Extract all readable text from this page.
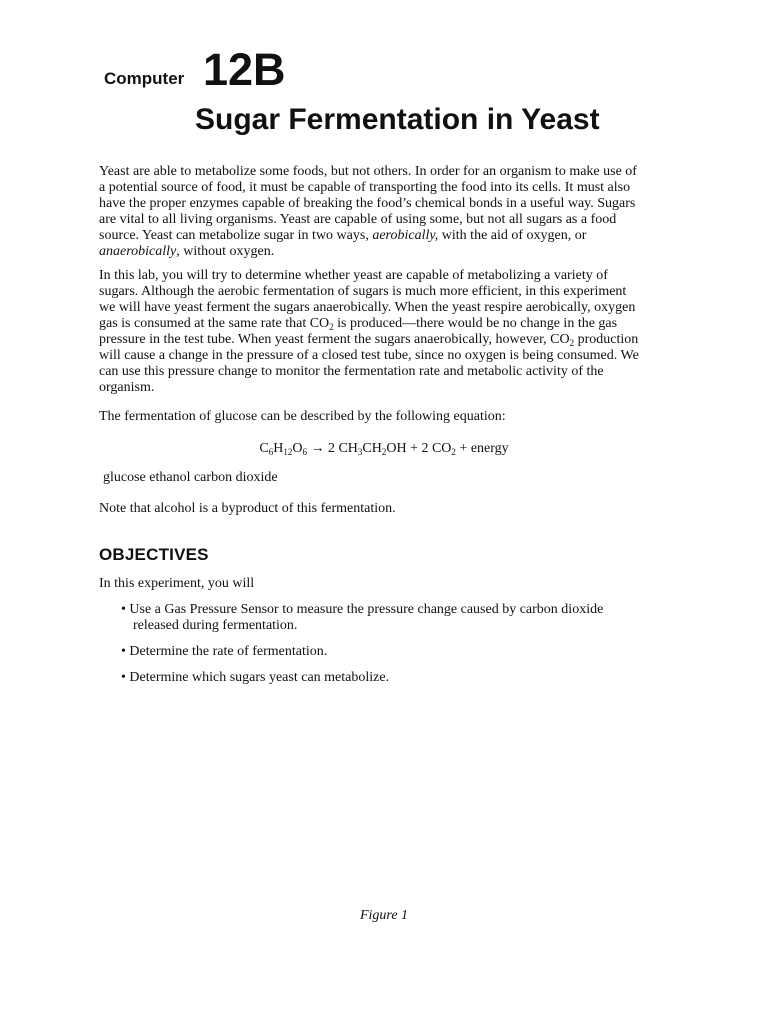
Computer 12B
Sugar Fermentation in Yeast
Yeast are able to metabolize some foods, but not others. In order for an organism to make use of
a potential source of food, it must be capable of transporting the food into its cells. It must also
have the proper enzymes capable of breaking the food’s chemical bonds in a useful way. Sugars
are vital to all living organisms. Yeast are capable of using some, but not all sugars as a food
source. Yeast can metabolize sugar in two ways, aerobically, with the aid of oxygen, or
anaerobically, without oxygen.
In this lab, you will try to determine whether yeast are capable of metabolizing a variety of
sugars. Although the aerobic fermentation of sugars is much more efficient, in this experiment
we will have yeast ferment the sugars anaerobically. When the yeast respire aerobically, oxygen
gas is consumed at the same rate that $CO_2$ is produced—there would be no change in the gas
pressure in the test tube. When yeast ferment the sugars anaerobically, however, $CO_2$ production
will cause a change in the pressure of a closed test tube, since no oxygen is being consumed. We
can use this pressure change to monitor the fermentation rate and metabolic activity of the
organism.
The fermentation of glucose can be described by the following equation:
$C_6H_{12}O_6 \to 2$ $CH_3CH_2OH + 2$ $CO_2$ + energy
glucose ethanol carbon dioxide
Note that alcohol is a byproduct of this fermentation.
OBJECTIVES
In this experiment, you will
• Use a Gas Pressure Sensor to measure the pressure change caused by carbon dioxide
released during fermentation.
• Determine the rate of fermentation.
• Determine which sugars yeast can metabolize.
Figure 1
